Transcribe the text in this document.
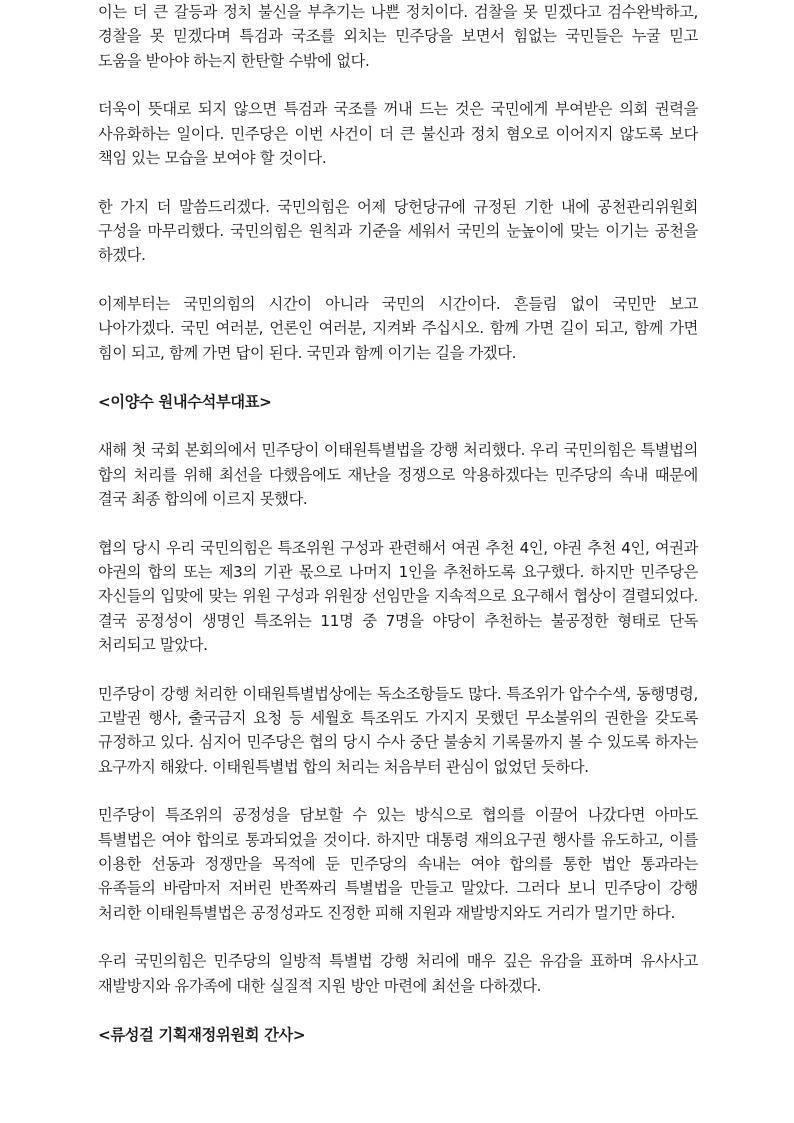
이는 더 큰 갈등과 정치 불신을 부추기는 나쁜 정치이다. 검찰을 못 믿겠다고 검수완박하고, 경찰을 못 믿겠다며 특검과 국조를 외치는 민주당을 보면서 힘없는 국민들은 누굴 믿고 도움을 받아야 하는지 한탄할 수밖에 없다.

더욱이 뜻대로 되지 않으면 특검과 국조를 꺼내 드는 것은 국민에게 부여받은 의회 권력을 사유화하는 일이다. 민주당은 이번 사건이 더 큰 불신과 정치 혐오로 이어지지 않도록 보다 책임 있는 모습을 보여야 할 것이다.

한 가지 더 말씀드리겠다. 국민의힘은 어제 당헌당규에 규정된 기한 내에 공천관리위원회 구성을 마무리했다. 국민의힘은 원칙과 기준을 세워서 국민의 눈높이에 맞는 이기는 공천을 하겠다.

이제부터는 국민의힘의 시간이 아니라 국민의 시간이다. 흔들림 없이 국민만 보고 나아가겠다. 국민 여러분, 언론인 여러분, 지켜봐 주십시오. 함께 가면 길이 되고, 함께 가면 힘이 되고, 함께 가면 답이 된다. 국민과 함께 이기는 길을 가겠다.

<이양수 원내수석부대표>

새해 첫 국회 본회의에서 민주당이 이태원특별법을 강행 처리했다. 우리 국민의힘은 특별법의 합의 처리를 위해 최선을 다했음에도 재난을 정쟁으로 악용하겠다는 민주당의 속내 때문에 결국 최종 합의에 이르지 못했다.

협의 당시 우리 국민의힘은 특조위원 구성과 관련해서 여권 추천 4인, 야권 추천 4인, 여권과 야권의 합의 또는 제3의 기관 몫으로 나머지 1인을 추천하도록 요구했다. 하지만 민주당은 자신들의 입맞에 맞는 위원 구성과 위원장 선임만을 지속적으로 요구해서 협상이 결렬되었다. 결국 공정성이 생명인 특조위는 11명 중 7명을 야당이 추천하는 불공정한 형태로 단독 처리되고 말았다.

민주당이 강행 처리한 이태원특별법상에는 독소조항들도 많다. 특조위가 압수수색, 동행명령, 고발권 행사, 출국금지 요청 등 세월호 특조위도 가지지 못했던 무소불위의 권한을 갖도록 규정하고 있다. 심지어 민주당은 협의 당시 수사 중단 불송치 기록물까지 볼 수 있도록 하자는 요구까지 해왔다. 이태원특별법 합의 처리는 처음부터 관심이 없었던 듯하다.

민주당이 특조위의 공정성을 담보할 수 있는 방식으로 협의를 이끌어 나갔다면 아마도 특별법은 여야 합의로 통과되었을 것이다. 하지만 대통령 재의요구권 행사를 유도하고, 이를 이용한 선동과 정쟁만을 목적에 둔 민주당의 속내는 여야 합의를 통한 법안 통과라는 유족들의 바람마저 저버린 반쪽짜리 특별법을 만들고 말았다. 그러다 보니 민주당이 강행 처리한 이태원특별법은 공정성과도 진정한 피해 지원과 재발방지와도 거리가 멀기만 하다.

우리 국민의힘은 민주당의 일방적 특별법 강행 처리에 매우 깊은 유감을 표하며 유사사고 재발방지와 유가족에 대한 실질적 지원 방안 마련에 최선을 다하겠다.

<류성걸 기획재정위원회 간사>
